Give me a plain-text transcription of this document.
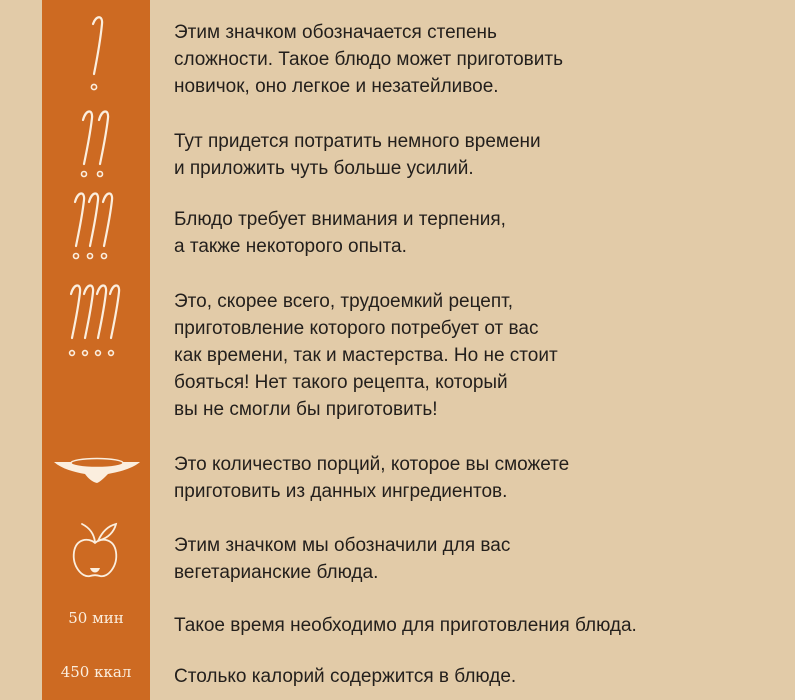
50 мин
450 ккал

Этим значком обозначается степень
сложности. Такое блюдо может приготовить
новичок, оно легкое и незатейливое.

Тут придется потратить немного времени
и приложить чуть больше усилий.

Блюдо требует внимания и терпения,
а также некоторого опыта.

Это, скорее всего, трудоемкий рецепт,
приготовление которого потребует от вас
как времени, так и мастерства. Но не стоит
бояться! Нет такого рецепта, который
вы не смогли бы приготовить!

Это количество порций, которое вы сможете
приготовить из данных ингредиентов.

Этим значком мы обозначили для вас
вегетарианские блюда.

Такое время необходимо для приготовления блюда.

Столько калорий содержится в блюде.
